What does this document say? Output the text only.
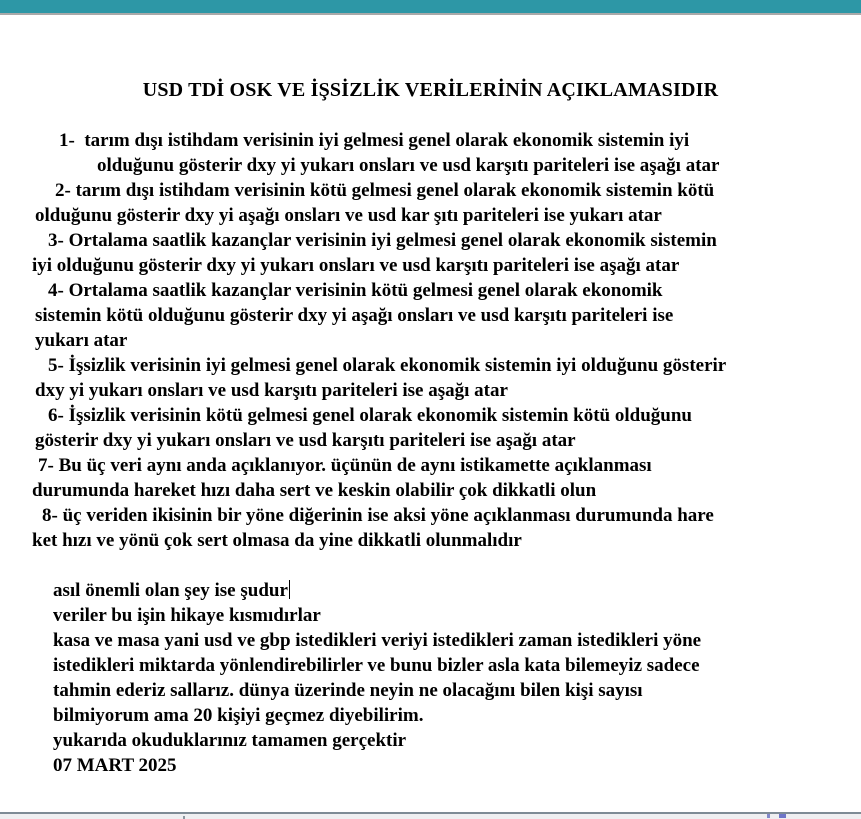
USD TDİ OSK VE İŞSİZLİK VERİLERİNİN AÇIKLAMASIDIR
1-  tarım dışı istihdam verisinin iyi gelmesi genel olarak ekonomik sistemin iyi
olduğunu gösterir dxy yi yukarı onsları ve usd karşıtı pariteleri ise aşağı atar
2- tarım dışı istihdam verisinin kötü gelmesi genel olarak ekonomik sistemin kötü
olduğunu gösterir dxy yi aşağı onsları ve usd kar şıtı pariteleri ise yukarı atar
3- Ortalama saatlik kazançlar verisinin iyi gelmesi genel olarak ekonomik sistemin
iyi olduğunu gösterir dxy yi yukarı onsları ve usd karşıtı pariteleri ise aşağı atar
4- Ortalama saatlik kazançlar verisinin kötü gelmesi genel olarak ekonomik
sistemin kötü olduğunu gösterir dxy yi aşağı onsları ve usd karşıtı pariteleri ise
yukarı atar
5- İşsizlik verisinin iyi gelmesi genel olarak ekonomik sistemin iyi olduğunu gösterir
dxy yi yukarı onsları ve usd karşıtı pariteleri ise aşağı atar
6- İşsizlik verisinin kötü gelmesi genel olarak ekonomik sistemin kötü olduğunu
gösterir dxy yi yukarı onsları ve usd karşıtı pariteleri ise aşağı atar
7- Bu üç veri aynı anda açıklanıyor. üçünün de aynı istikamette açıklanması
durumunda hareket hızı daha sert ve keskin olabilir çok dikkatli olun
8- üç veriden ikisinin bir yöne diğerinin ise aksi yöne açıklanması durumunda hare
ket hızı ve yönü çok sert olmasa da yine dikkatli olunmalıdır
asıl önemli olan şey ise şudur
veriler bu işin hikaye kısmıdırlar
kasa ve masa yani usd ve gbp istedikleri veriyi istedikleri zaman istedikleri yöne
istedikleri miktarda yönlendirebilirler ve bunu bizler asla kata bilemeyiz sadece
tahmin ederiz sallarız. dünya üzerinde neyin ne olacağını bilen kişi sayısı
bilmiyorum ama 20 kişiyi geçmez diyebilirim.
yukarıda okuduklarınız tamamen gerçektir
07 MART 2025
